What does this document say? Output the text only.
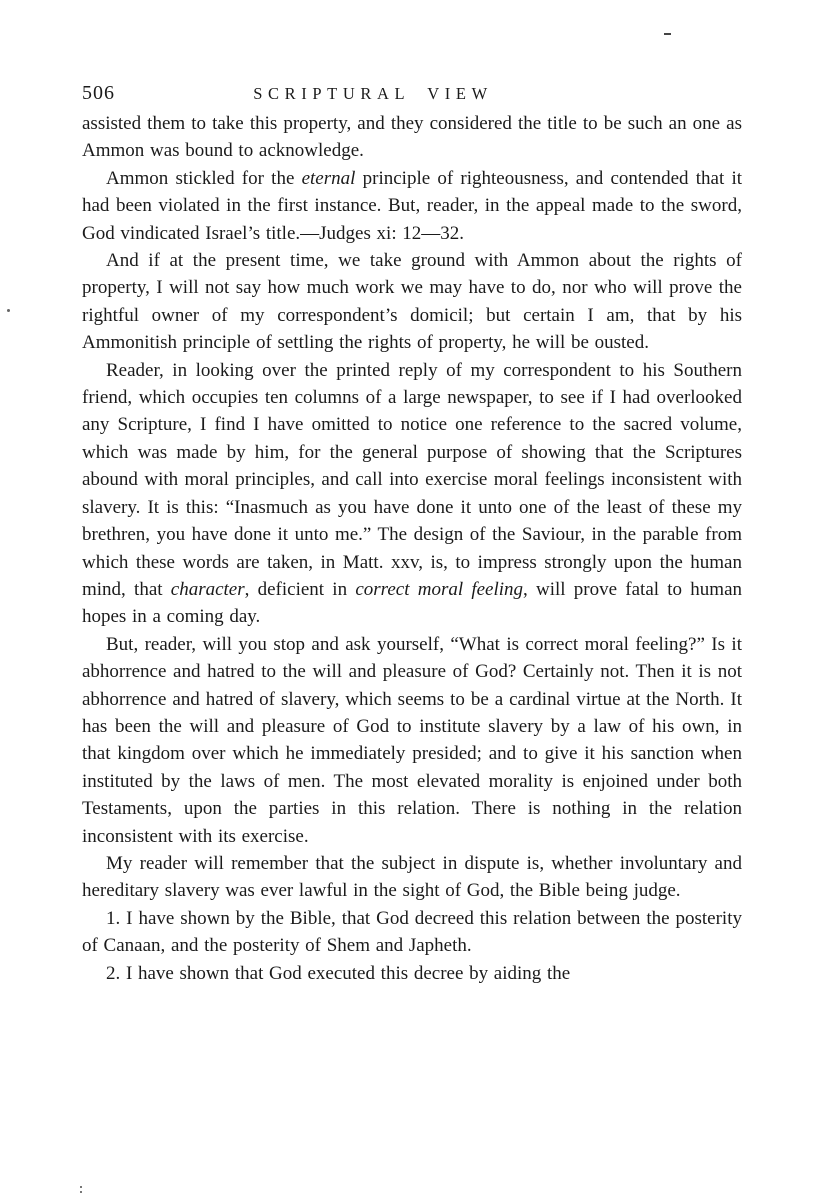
506	SCRIPTURAL VIEW

assisted them to take this property, and they considered the title to be such an one as Ammon was bound to acknowledge.

Ammon stickled for the eternal principle of righteousness, and contended that it had been violated in the first instance. But, reader, in the appeal made to the sword, God vindicated Israel’s title.—Judges xi: 12—32.

And if at the present time, we take ground with Ammon about the rights of property, I will not say how much work we may have to do, nor who will prove the rightful owner of my correspondent’s domicil; but certain I am, that by his Ammonitish principle of settling the rights of property, he will be ousted.

Reader, in looking over the printed reply of my correspondent to his Southern friend, which occupies ten columns of a large newspaper, to see if I had overlooked any Scripture, I find I have omitted to notice one reference to the sacred volume, which was made by him, for the general purpose of showing that the Scriptures abound with moral principles, and call into exercise moral feelings inconsistent with slavery. It is this: “Inasmuch as you have done it unto one of the least of these my brethren, you have done it unto me.” The design of the Saviour, in the parable from which these words are taken, in Matt. xxv, is, to impress strongly upon the human mind, that character, deficient in correct moral feeling, will prove fatal to human hopes in a coming day.

But, reader, will you stop and ask yourself, “What is correct moral feeling?” Is it abhorrence and hatred to the will and pleasure of God? Certainly not. Then it is not abhorrence and hatred of slavery, which seems to be a cardinal virtue at the North. It has been the will and pleasure of God to institute slavery by a law of his own, in that kingdom over which he immediately presided; and to give it his sanction when instituted by the laws of men. The most elevated morality is enjoined under both Testaments, upon the parties in this relation. There is nothing in the relation inconsistent with its exercise.

My reader will remember that the subject in dispute is, whether involuntary and hereditary slavery was ever lawful in the sight of God, the Bible being judge.

1. I have shown by the Bible, that God decreed this relation between the posterity of Canaan, and the posterity of Shem and Japheth.

2. I have shown that God executed this decree by aiding the
